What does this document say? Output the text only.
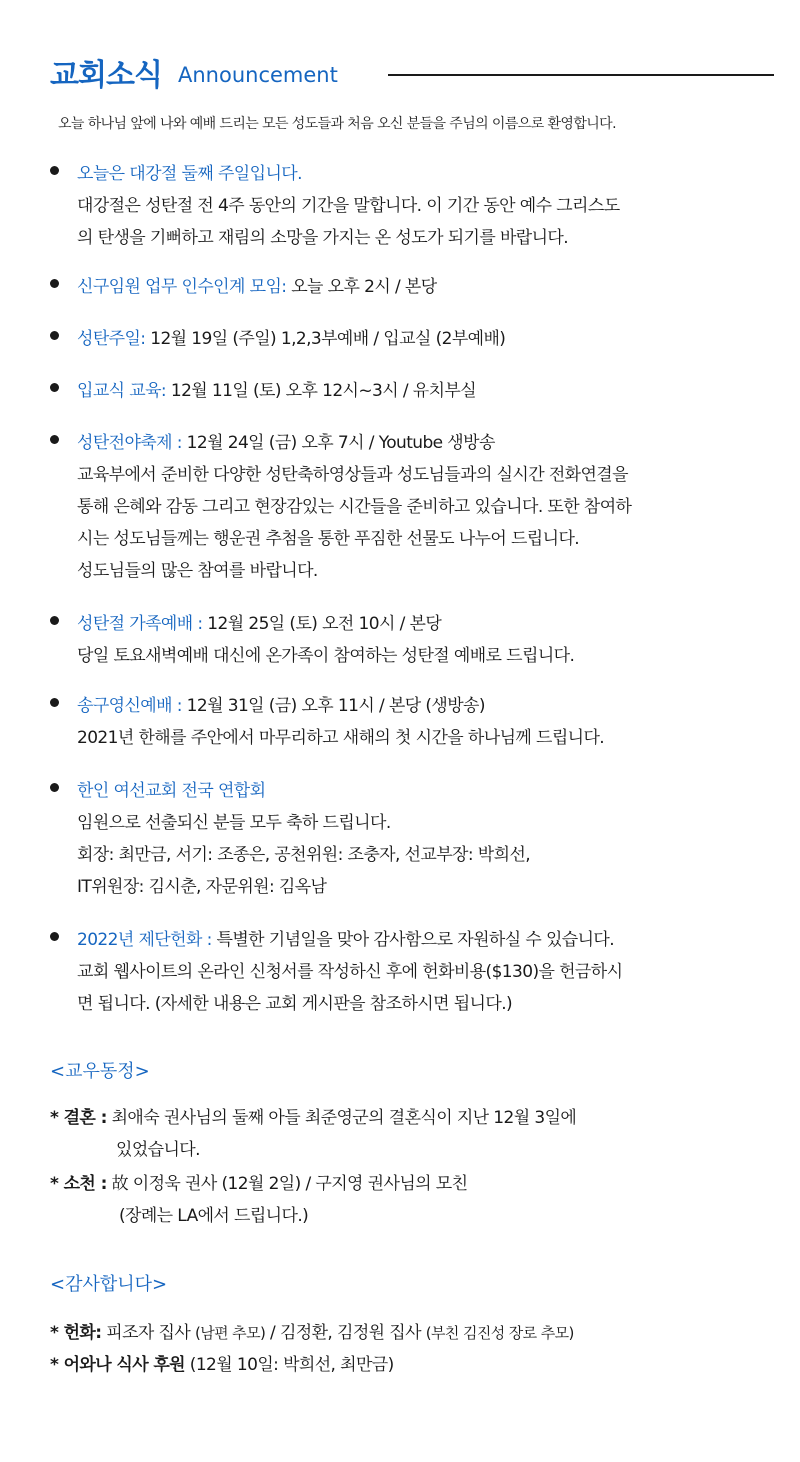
교회소식 Announcement
오늘 하나님 앞에 나와 예배 드리는 모든 성도들과 처음 오신 분들을 주님의 이름으로 환영합니다.
오늘은 대강절 둘째 주일입니다.
대강절은 성탄절 전 4주 동안의 기간을 말합니다. 이 기간 동안 예수 그리스도
의 탄생을 기뻐하고 재림의 소망을 가지는 온 성도가 되기를 바랍니다.
신구임원 업무 인수인계 모임: 오늘 오후 2시 / 본당
성탄주일: 12월 19일 (주일) 1,2,3부예배 / 입교실 (2부예배)
입교식 교육: 12월 11일 (토) 오후 12시~3시 / 유치부실
성탄전야축제 : 12월 24일 (금) 오후 7시 / Youtube 생방송
교육부에서 준비한 다양한 성탄축하영상들과 성도님들과의 실시간 전화연결을
통해 은혜와 감동 그리고 현장감있는 시간들을 준비하고 있습니다. 또한 참여하
시는 성도님들께는 행운권 추첨을 통한 푸짐한 선물도 나누어 드립니다.
성도님들의 많은 참여를 바랍니다.
성탄절 가족예배 : 12월 25일 (토) 오전 10시 / 본당
당일 토요새벽예배 대신에 온가족이 참여하는 성탄절 예배로 드립니다.
송구영신예배 : 12월 31일 (금) 오후 11시 / 본당 (생방송)
2021년 한해를 주안에서 마무리하고 새해의 첫 시간을 하나님께 드립니다.
한인 여선교회 전국 연합회
임원으로 선출되신 분들 모두 축하 드립니다.
회장: 최만금, 서기: 조종은, 공천위원: 조충자, 선교부장: 박희선,
IT위원장: 김시춘, 자문위원: 김옥남
2022년 제단헌화 : 특별한 기념일을 맞아 감사함으로 자원하실 수 있습니다.
교회 웹사이트의 온라인 신청서를 작성하신 후에 헌화비용($130)을 헌금하시
면 됩니다. (자세한 내용은 교회 게시판을 참조하시면 됩니다.)
<교우동정>
* 결혼 : 최애숙 권사님의 둘째 아들 최준영군의 결혼식이 지난 12월 3일에
있었습니다.
* 소천 : 故 이정욱 권사 (12월 2일) / 구지영 권사님의 모친
(장례는 LA에서 드립니다.)
<감사합니다>
* 헌화: 피조자 집사 (남편 추모) / 김정환, 김정원 집사 (부친 김진성 장로 추모)
* 어와나 식사 후원 (12월 10일: 박희선, 최만금)
